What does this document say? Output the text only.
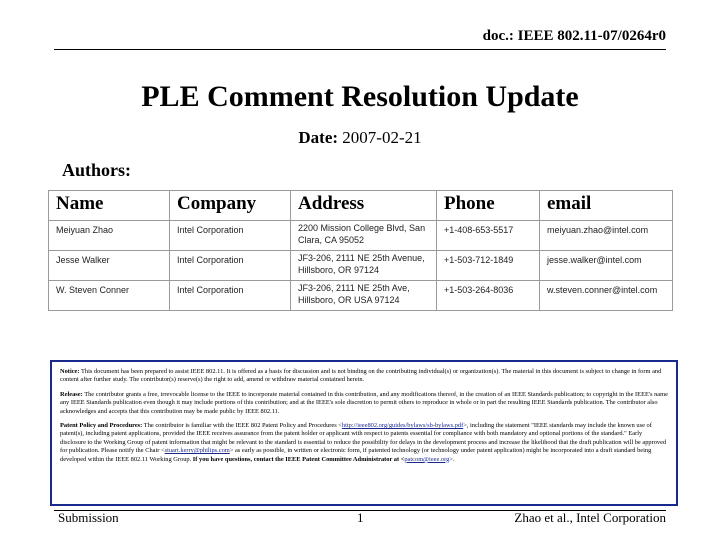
doc.: IEEE 802.11-07/0264r0
PLE Comment Resolution Update
Date: 2007-02-21
Authors:
Name	Company	Address	Phone	email
Meiyuan Zhao	Intel Corporation	2200 Mission College Blvd, San
Clara, CA 95052	+1-408-653-5517	meiyuan.zhao@intel.com
Jesse Walker	Intel Corporation	JF3-206, 2111 NE 25th Avenue,
Hillsboro, OR 97124	+1-503-712-1849	jesse.walker@intel.com
W. Steven Conner	Intel Corporation	JF3-206, 2111 NE 25th Ave,
Hillsboro, OR USA 97124	+1-503-264-8036	w.steven.conner@intel.com

Notice: This document has been prepared to assist IEEE 802.11. It is offered as a basis for discussion and is not binding on the contributing individual(s) or organization(s). The material in this document is subject to change in form and content after further study. The contributor(s) reserve(s) the right to add, amend or withdraw material contained herein.

Release: The contributor grants a free, irrevocable license to the IEEE to incorporate material contained in this contribution, and any modifications thereof, in the creation of an IEEE Standards publication; to copyright in the IEEE's name any IEEE Standards publication even though it may include portions of this contribution; and at the IEEE's sole discretion to permit others to reproduce in whole or in part the resulting IEEE Standards publication. The contributor also acknowledges and accepts that this contribution may be made public by IEEE 802.11.

Patent Policy and Procedures: The contributor is familiar with the IEEE 802 Patent Policy and Procedures <http://ieee802.org/guides/bylaws/sb-bylaws.pdf>, including the statement "IEEE standards may include the known use of patent(s), including patent applications, provided the IEEE receives assurance from the patent holder or applicant with respect to patents essential for compliance with both mandatory and optional portions of the standard." Early disclosure to the Working Group of patent information that might be relevant to the standard is essential to reduce the possibility for delays in the development process and increase the likelihood that the draft publication will be approved for publication. Please notify the Chair <stuart.kerry@philips.com> as early as possible, in written or electronic form, if patented technology (or technology under patent application) might be incorporated into a draft standard being developed within the IEEE 802.11 Working Group. If you have questions, contact the IEEE Patent Committee Administrator at <patcom@ieee.org>.

Submission	1	Zhao et al., Intel Corporation
